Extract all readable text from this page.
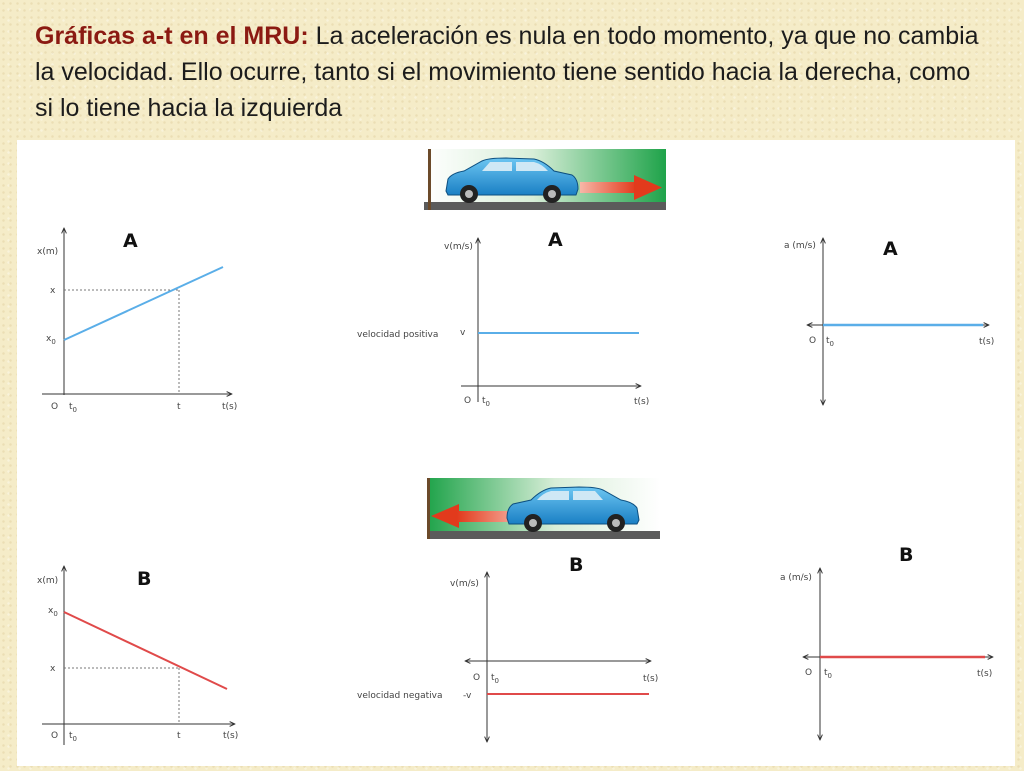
Gráficas a-t en el MRU: La aceleración es nula en todo momento, ya que no cambia la velocidad. Ello ocurre, tanto si el movimiento tiene sentido hacia la derecha, como si lo tiene hacia la izquierda
x(m)
x
$x_0$
O $t_0$	t	t(s)
A	v(m/s)
velocidad positiva v
O $t_0$	t(s)
A	a (m/s)
O $t_0$	t(s)
A
x(m)
$x_0$
x
O $t_0$	t	t(s)
B	v(m/s)
velocidad negativa -v
O $t_0$	t(s)
B
a (m/s)
O $t_0$	t(s)
B
